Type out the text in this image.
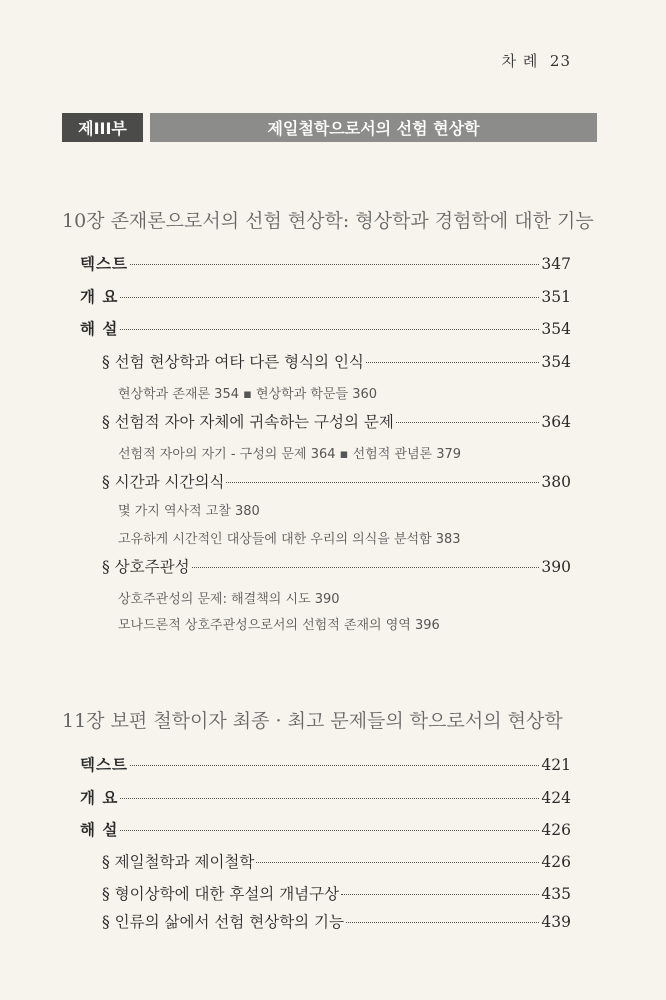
차 례 23
제III부	제일철학으로서의 선험 현상학
10장 존재론으로서의 선험 현상학: 형상학과 경험학에 대한 기능
텍스트	347
개 요	351
해 설	354
§ 선험 현상학과 여타 다른 형식의 인식	354
현상학과 존재론 354 ▪ 현상학과 학문들 360
§ 선험적 자아 자체에 귀속하는 구성의 문제	364
선험적 자아의 자기 - 구성의 문제 364 ▪ 선험적 관념론 379
§ 시간과 시간의식	380
몇 가지 역사적 고찰 380
고유하게 시간적인 대상들에 대한 우리의 의식을 분석함 383
§ 상호주관성	390
상호주관성의 문제: 해결책의 시도 390
모나드론적 상호주관성으로서의 선험적 존재의 영역 396
11장 보편 철학이자 최종 · 최고 문제들의 학으로서의 현상학
텍스트	421
개 요	424
해 설	426
§ 제일철학과 제이철학	426
§ 형이상학에 대한 후설의 개념구상	435
§ 인류의 삶에서 선험 현상학의 기능	439
